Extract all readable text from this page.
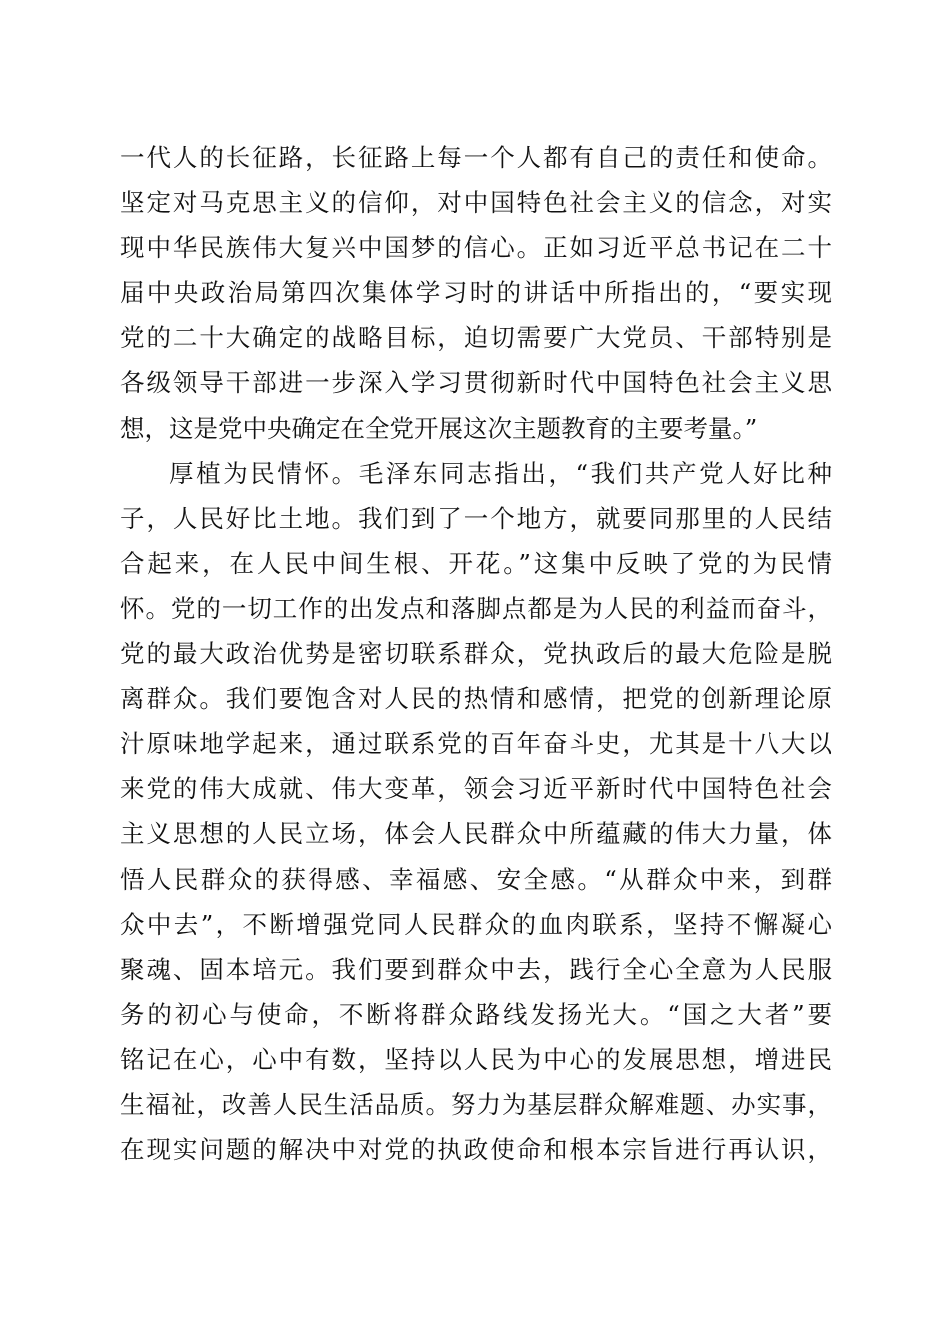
一代人的长征路，长征路上每一个人都有自己的责任和使命。
坚定对马克思主义的信仰，对中国特色社会主义的信念，对实
现中华民族伟大复兴中国梦的信心。正如习近平总书记在二十
届中央政治局第四次集体学习时的讲话中所指出的，“要实现
党的二十大确定的战略目标，迫切需要广大党员、干部特别是
各级领导干部进一步深入学习贯彻新时代中国特色社会主义思
想，这是党中央确定在全党开展这次主题教育的主要考量。”
厚植为民情怀。毛泽东同志指出，“我们共产党人好比种
子，人民好比土地。我们到了一个地方，就要同那里的人民结
合起来，在人民中间生根、开花。”这集中反映了党的为民情
怀。党的一切工作的出发点和落脚点都是为人民的利益而奋斗，
党的最大政治优势是密切联系群众，党执政后的最大危险是脱
离群众。我们要饱含对人民的热情和感情，把党的创新理论原
汁原味地学起来，通过联系党的百年奋斗史，尤其是十八大以
来党的伟大成就、伟大变革，领会习近平新时代中国特色社会
主义思想的人民立场，体会人民群众中所蕴藏的伟大力量，体
悟人民群众的获得感、幸福感、安全感。“从群众中来，到群
众中去”，不断增强党同人民群众的血肉联系，坚持不懈凝心
聚魂、固本培元。我们要到群众中去，践行全心全意为人民服
务的初心与使命，不断将群众路线发扬光大。“国之大者”要
铭记在心，心中有数，坚持以人民为中心的发展思想，增进民
生福祉，改善人民生活品质。努力为基层群众解难题、办实事，
在现实问题的解决中对党的执政使命和根本宗旨进行再认识，
